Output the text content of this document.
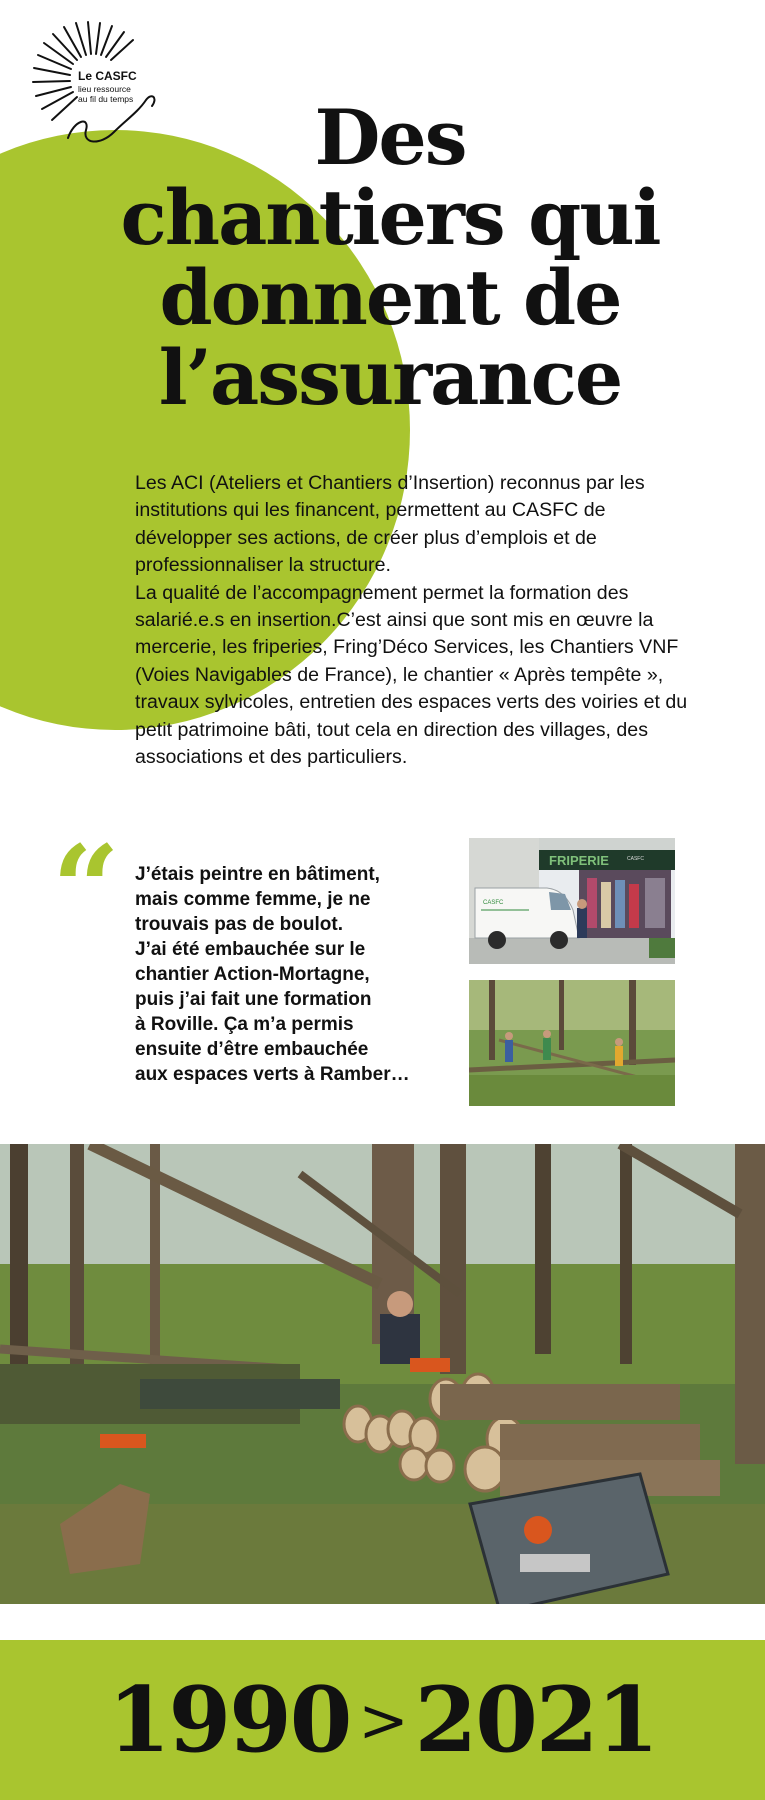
Le CASFC
lieu ressource
au fil du temps	Des
chantiers qui
donnent de
l’assurance

Les ACI (Ateliers et Chantiers d’Insertion) reconnus par les institutions qui les financent, permettent au CASFC de développer ses actions, de créer plus d’emplois et de professionnaliser la structure.

La qualité de l’accompagnement permet la formation des salarié.e.s en insertion.C’est ainsi que sont mis en œuvre la mercerie, les friperies, Fring’Déco Services, les Chantiers VNF (Voies Navigables de France), le chantier « Après tempête », travaux sylvicoles, entretien des espaces verts des voiries et du petit patrimoine bâti, tout cela en direction des villages, des associations et des particuliers.

“ J’étais peintre en bâtiment,
mais comme femme, je ne
trouvais pas de boulot.
J’ai été embauchée sur le
chantier Action-Mortagne,
puis j’ai fait une formation
à Roville. Ça m’a permis
ensuite d’être embauchée
aux espaces verts à Ramber…
FRIPERIE	CASFC
CASFC
1990 >2021
